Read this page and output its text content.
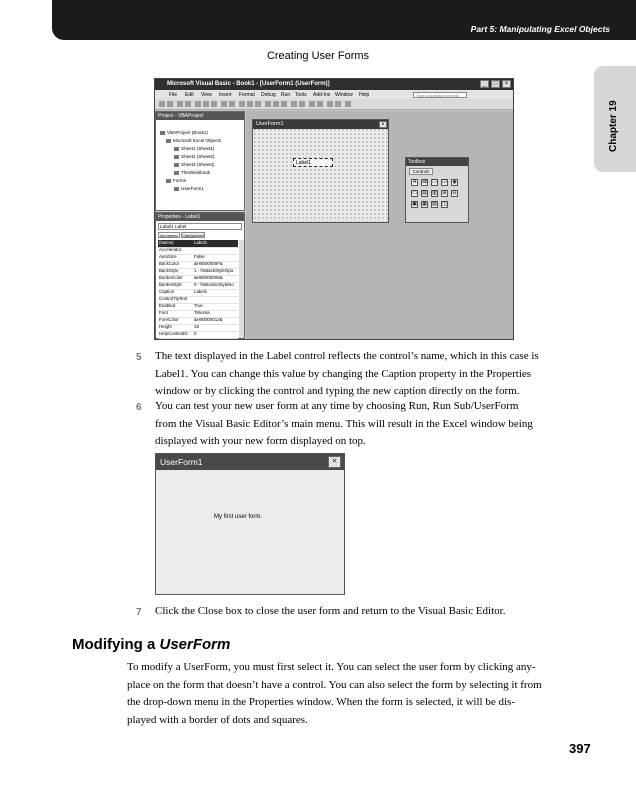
Part 5: Manipulating Excel Objects
Chapter 19
Creating User Forms
Microsoft Visual Basic - Book1 - [UserForm1 (UserForm)]	_	□	×
File Edit View Insert Format Debug Run Tools Add-Ins Window Help	Type a question for help
Project - VBAProject
VBAProject (Book1)
Microsoft Excel Objects
Sheet1 (Sheet1)
Sheet2 (Sheet2)
Sheet3 (Sheet3)
ThisWorkbook
Forms
UserForm1
Properties - Label1
Label1 Label
Alphabetic Categorized
(Name)	Label1
Accelerator
AutoSize	False
BackColor	&H8000000F&
BackStyle	1 - fmBackStyleOpa
BorderColor	&H80000006&
BorderStyle	0 - fmBorderStyleNo
Caption	Label1
ControlTipText
Enabled	True
Font	Tahoma
ForeColor	&H80000012&
Height	18
HelpContextID 0
UserForm1	×
Label1	Toolbox
Controls
A	ab ☐ ☑ ◉
▭ ▤ ▥ ⊞ ⊟
▣ ▦ ▧ ◫
5 The text displayed in the Label control reflects the control’s name, which in this case is
Label1. You can change this value by changing the Caption property in the Properties
window or by clicking the control and typing the new caption directly on the form.
6 You can test your new user form at any time by choosing Run, Run Sub/UserForm
from the Visual Basic Editor’s main menu. This will result in the Excel window being
displayed with your new form displayed on top.
UserForm1	×
My first user form.
7 Click the Close box to close the user form and return to the Visual Basic Editor.
Modifying a UserForm
To modify a UserForm, you must first select it. You can select the user form by clicking any-
place on the form that doesn’t have a control. You can also select the form by selecting it from
the drop-down menu in the Properties window. When the form is selected, it will be dis-
played with a border of dots and squares.
397
